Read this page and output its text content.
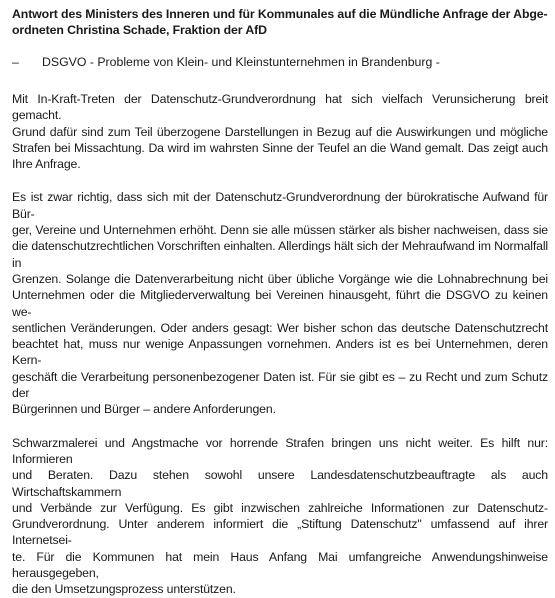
Antwort des Ministers des Inneren und für Kommunales auf die Mündliche Anfrage der Abge-
ordneten Christina Schade, Fraktion der AfD
– DSGVO - Probleme von Klein- und Kleinstunternehmen in Brandenburg -

Mit In-Kraft-Treten der Datenschutz-Grundverordnung hat sich vielfach Verunsicherung breit gemacht.
Grund dafür sind zum Teil überzogene Darstellungen in Bezug auf die Auswirkungen und mögliche
Strafen bei Missachtung. Da wird im wahrsten Sinne der Teufel an die Wand gemalt. Das zeigt auch
Ihre Anfrage.

Es ist zwar richtig, dass sich mit der Datenschutz-Grundverordnung der bürokratische Aufwand für Bür-
ger, Vereine und Unternehmen erhöht. Denn sie alle müssen stärker als bisher nachweisen, dass sie
die datenschutzrechtlichen Vorschriften einhalten. Allerdings hält sich der Mehraufwand im Normalfall in
Grenzen. Solange die Datenverarbeitung nicht über übliche Vorgänge wie die Lohnabrechnung bei
Unternehmen oder die Mitgliederverwaltung bei Vereinen hinausgeht, führt die DSGVO zu keinen we-
sentlichen Veränderungen. Oder anders gesagt: Wer bisher schon das deutsche Datenschutzrecht
beachtet hat, muss nur wenige Anpassungen vornehmen. Anders ist es bei Unternehmen, deren Kern-
geschäft die Verarbeitung personenbezogener Daten ist. Für sie gibt es – zu Recht und zum Schutz der
Bürgerinnen und Bürger – andere Anforderungen.

Schwarzmalerei und Angstmache vor horrende Strafen bringen uns nicht weiter. Es hilft nur: Informieren
und Beraten. Dazu stehen sowohl unsere Landesdatenschutzbeauftragte als auch Wirtschaftskammern
und Verbände zur Verfügung. Es gibt inzwischen zahlreiche Informationen zur Datenschutz-
Grundverordnung. Unter anderem informiert die „Stiftung Datenschutz" umfassend auf ihrer Internetsei-
te. Für die Kommunen hat mein Haus Anfang Mai umfangreiche Anwendungshinweise herausgegeben,
die den Umsetzungsprozess unterstützen.
